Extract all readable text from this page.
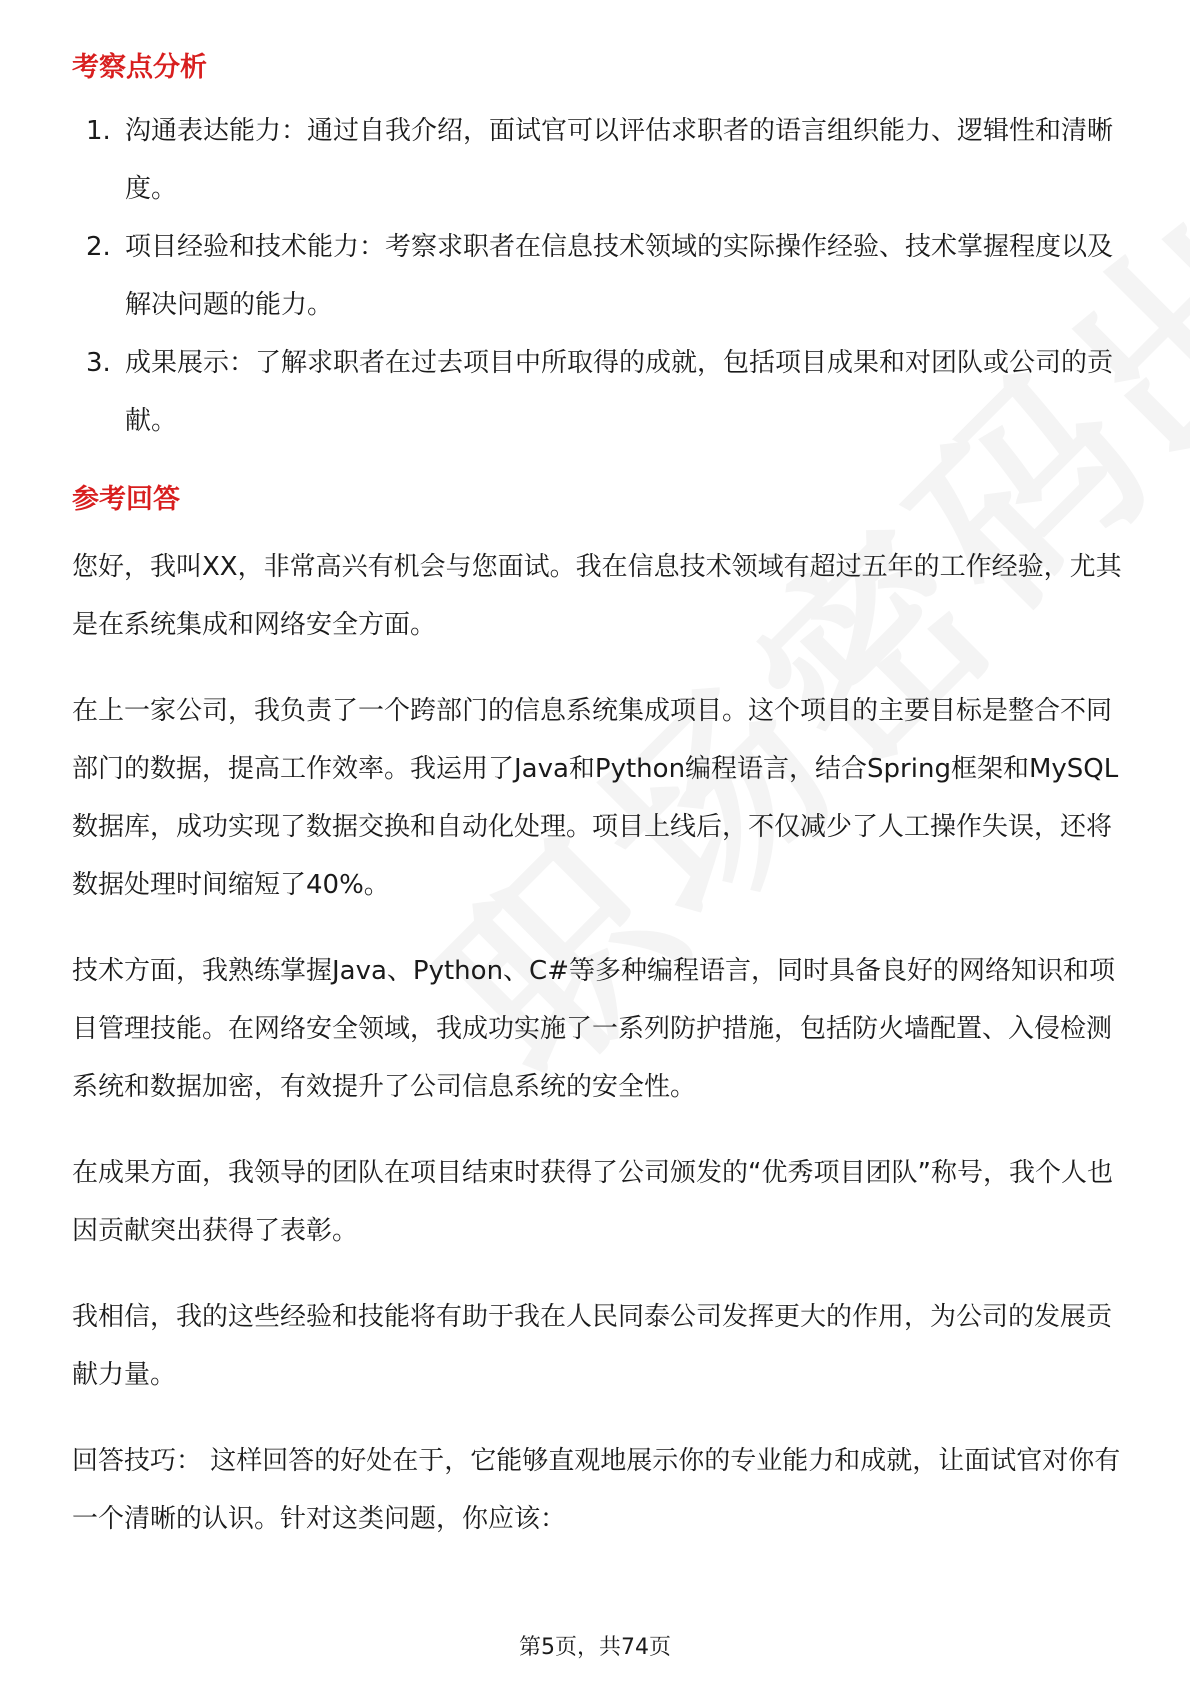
考察点分析
1. 沟通表达能力：通过自我介绍，面试官可以评估求职者的语言组织能力、逻辑性和清晰度。
2. 项目经验和技术能力：考察求职者在信息技术领域的实际操作经验、技术掌握程度以及解决问题的能力。
3. 成果展示：了解求职者在过去项目中所取得的成就，包括项目成果和对团队或公司的贡献。
参考回答

您好，我叫XX，非常高兴有机会与您面试。我在信息技术领域有超过五年的工作经验，尤其是在系统集成和网络安全方面。

在上一家公司，我负责了一个跨部门的信息系统集成项目。这个项目的主要目标是整合不同部门的数据，提高工作效率。我运用了Java和Python编程语言，结合Spring框架和MySQL数据库，成功实现了数据交换和自动化处理。项目上线后，不仅减少了人工操作失误，还将数据处理时间缩短了40%。

技术方面，我熟练掌握Java、Python、C#等多种编程语言，同时具备良好的网络知识和项目管理技能。在网络安全领域，我成功实施了一系列防护措施，包括防火墙配置、入侵检测系统和数据加密，有效提升了公司信息系统的安全性。

在成果方面，我领导的团队在项目结束时获得了公司颁发的“优秀项目团队”称号，我个人也因贡献突出获得了表彰。

我相信，我的这些经验和技能将有助于我在人民同泰公司发挥更大的作用，为公司的发展贡献力量。

回答技巧： 这样回答的好处在于，它能够直观地展示你的专业能力和成就，让面试官对你有一个清晰的认识。针对这类问题，你应该：

第5页，共74页
